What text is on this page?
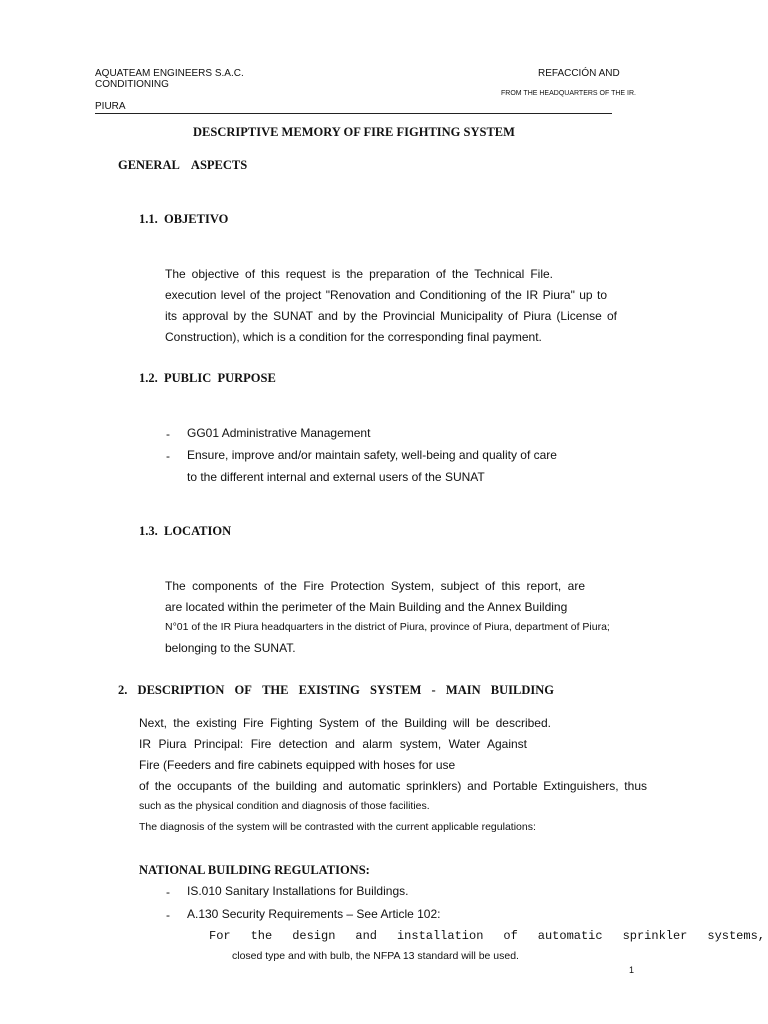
AQUATEAM ENGINEERS S.A.C.	REFACCIÓN AND
CONDITIONING
FROM THE HEADQUARTERS OF THE IR.
PIURA
DESCRIPTIVE MEMORY OF FIRE FIGHTING SYSTEM
GENERAL    ASPECTS
1.1.  OBJETIVO
The objective of this request is the preparation of the Technical File.
execution level of the project "Renovation and Conditioning of the IR Piura" up to
its approval by the SUNAT and by the Provincial Municipality of Piura (License of
Construction), which is a condition for the corresponding final payment.
1.2.  PUBLIC  PURPOSE
- GG01 Administrative Management
- Ensure, improve and/or maintain safety, well-being and quality of care
to the different internal and external users of the SUNAT
1.3.  LOCATION
The components of the Fire Protection System, subject of this report, are
are located within the perimeter of the Main Building and the Annex Building
N°01 of the IR Piura headquarters in the district of Piura, province of Piura, department of Piura;
belonging to the SUNAT.
2. DESCRIPTION OF THE EXISTING SYSTEM - MAIN BUILDING
Next, the existing Fire Fighting System of the Building will be described.
IR Piura Principal: Fire detection and alarm system, Water Against
Fire (Feeders and fire cabinets equipped with hoses for use
of the occupants of the building and automatic sprinklers) and Portable Extinguishers, thus
such as the physical condition and diagnosis of those facilities.
The diagnosis of the system will be contrasted with the current applicable regulations:
NATIONAL BUILDING REGULATIONS:
- IS.010 Sanitary Installations for Buildings.
- A.130 Security Requirements – See Article 102:
For the design and installation of automatic sprinkler systems,
closed type and with bulb, the NFPA 13 standard will be used.
1
